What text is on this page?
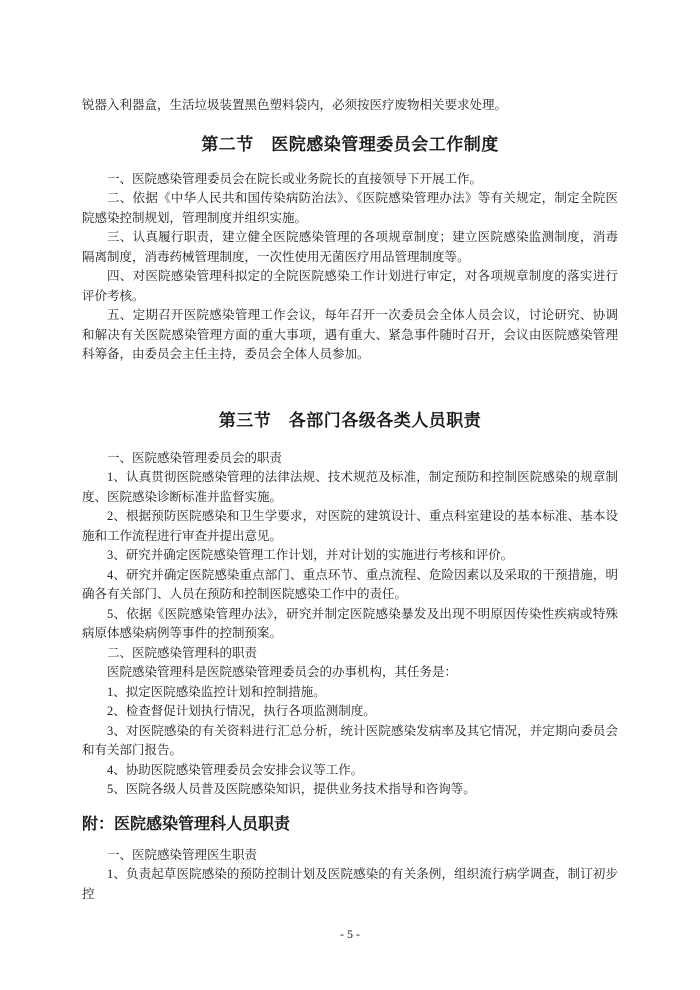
锐器入利器盒，生活垃圾装置黑色塑料袋内，必须按医疗废物相关要求处理。

第二节　医院感染管理委员会工作制度

一、医院感染管理委员会在院长或业务院长的直接领导下开展工作。

二、依据《中华人民共和国传染病防治法》、《医院感染管理办法》等有关规定，制定全院医院感染控制规划，管理制度并组织实施。

三、认真履行职责，建立健全医院感染管理的各项规章制度；建立医院感染监测制度，消毒隔离制度，消毒药械管理制度，一次性使用无菌医疗用品管理制度等。

四、对医院感染管理科拟定的全院医院感染工作计划进行审定，对各项规章制度的落实进行评价考核。

五、定期召开医院感染管理工作会议，每年召开一次委员会全体人员会议，讨论研究、协调和解决有关医院感染管理方面的重大事项，遇有重大、紧急事件随时召开，会议由医院感染管理科筹备，由委员会主任主持，委员会全体人员参加。

第三节　各部门各级各类人员职责

一、医院感染管理委员会的职责

1、认真贯彻医院感染管理的法律法规、技术规范及标准，制定预防和控制医院感染的规章制度、医院感染诊断标准并监督实施。

2、根据预防医院感染和卫生学要求，对医院的建筑设计、重点科室建设的基本标准、基本设施和工作流程进行审查并提出意见。

3、研究并确定医院感染管理工作计划，并对计划的实施进行考核和评价。

4、研究并确定医院感染重点部门、重点环节、重点流程、危险因素以及采取的干预措施，明确各有关部门、人员在预防和控制医院感染工作中的责任。

5、依据《医院感染管理办法》，研究并制定医院感染暴发及出现不明原因传染性疾病或特殊病原体感染病例等事件的控制预案。

二、医院感染管理科的职责

医院感染管理科是医院感染管理委员会的办事机构，其任务是：

1、拟定医院感染监控计划和控制措施。

2、检查督促计划执行情况，执行各项监测制度。

3、对医院感染的有关资料进行汇总分析，统计医院感染发病率及其它情况，并定期向委员会和有关部门报告。

4、协助医院感染管理委员会安排会议等工作。

5、医院各级人员普及医院感染知识，提供业务技术指导和咨询等。

附：医院感染管理科人员职责

一、医院感染管理医生职责

1、负责起草医院感染的预防控制计划及医院感染的有关条例，组织流行病学调查，制订初步控

- 5 -
